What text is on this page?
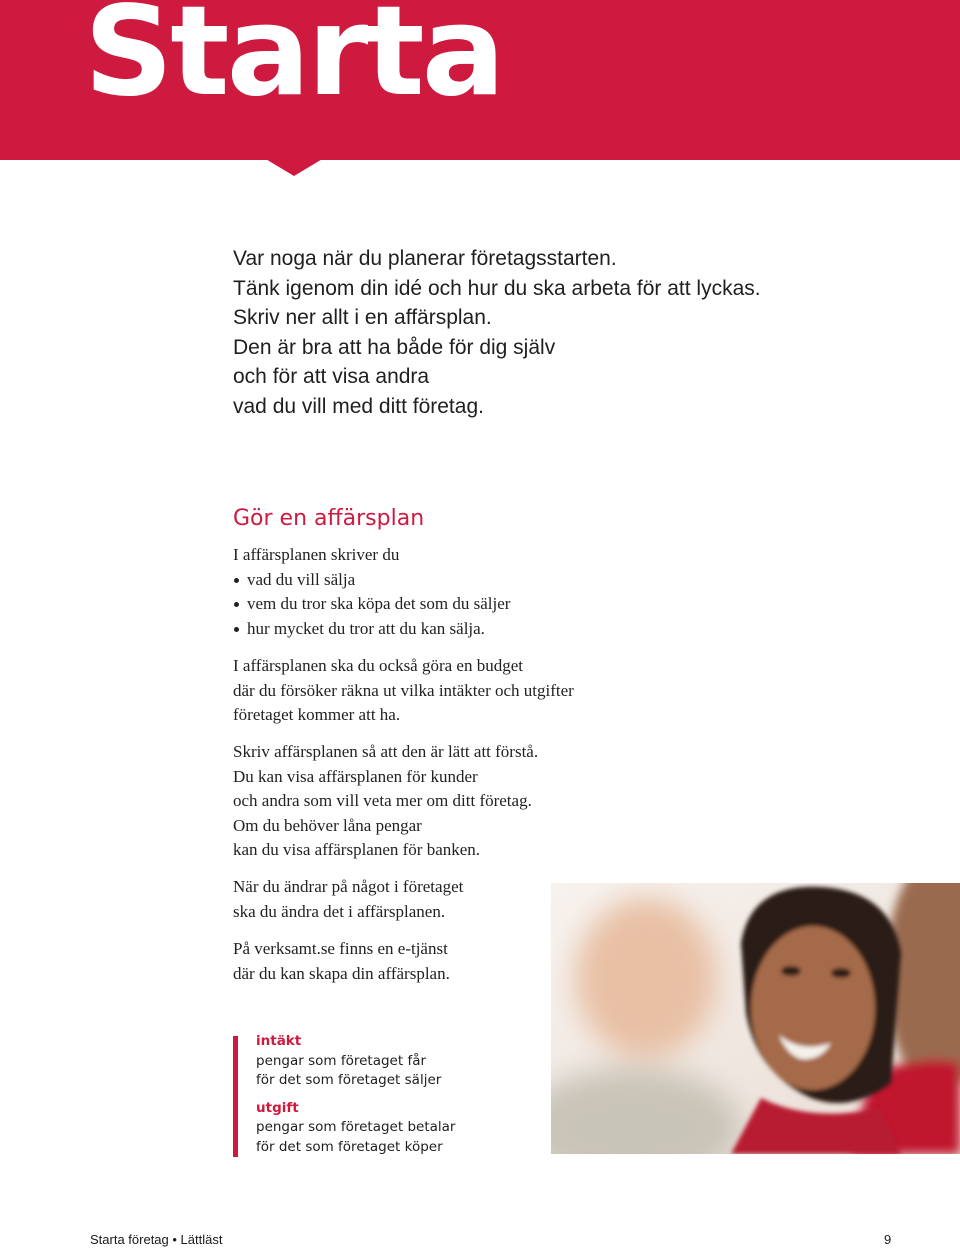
Starta

Var noga när du planerar företagsstarten.
Tänk igenom din idé och hur du ska arbeta för att lyckas.
Skriv ner allt i en affärsplan.
Den är bra att ha både för dig själv
och för att visa andra
vad du vill med ditt företag.

Gör en affärsplan
I affärsplanen skriver du
vad du vill sälja
vem du tror ska köpa det som du säljer
hur mycket du tror att du kan sälja.

I affärsplanen ska du också göra en budget
där du försöker räkna ut vilka intäkter och utgifter
företaget kommer att ha.

Skriv affärsplanen så att den är lätt att förstå.
Du kan visa affärsplanen för kunder
och andra som vill veta mer om ditt företag.
Om du behöver låna pengar
kan du visa affärsplanen för banken.

När du ändrar på något i företaget
ska du ändra det i affärsplanen.

På verksamt.se finns en e-tjänst
där du kan skapa din affärsplan.

intäkt
pengar som företaget får
för det som företaget säljer
utgift
pengar som företaget betalar
för det som företaget köper
Starta företag • Lättläst	9
